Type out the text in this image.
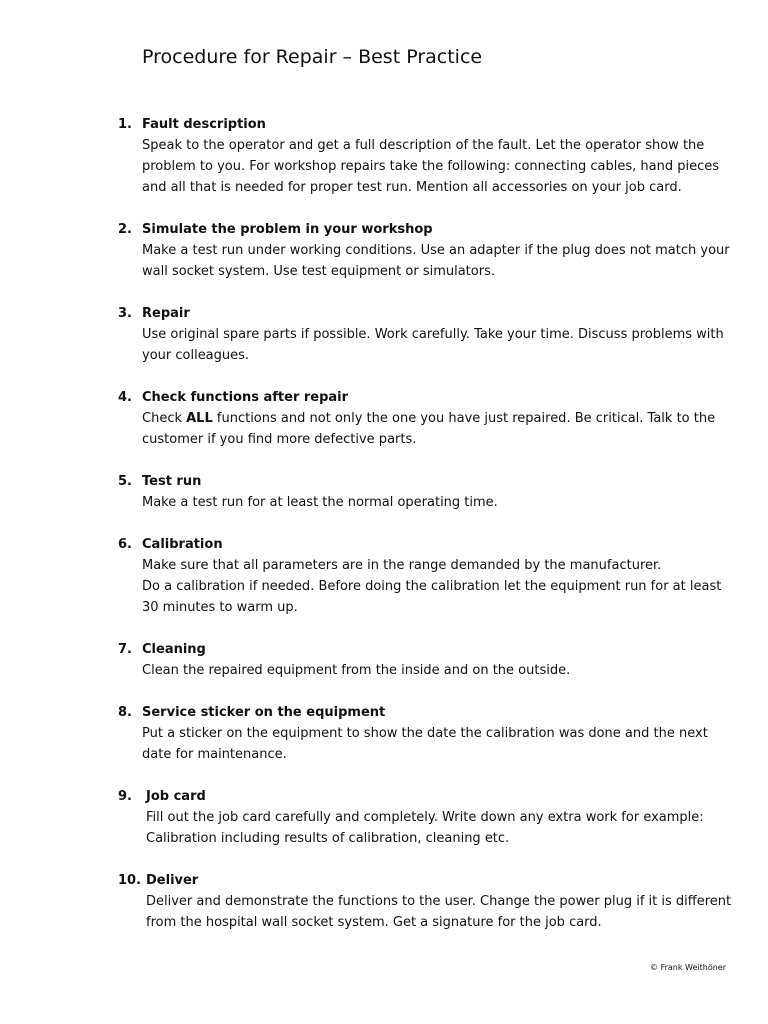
Procedure for Repair – Best Practice
1. Fault description

Speak to the operator and get a full description of the fault. Let the operator show the problem to you. For workshop repairs take the following: connecting cables, hand pieces and all that is needed for proper test run. Mention all accessories on your job card.

2. Simulate the problem in your workshop

Make a test run under working conditions. Use an adapter if the plug does not match your wall socket system. Use test equipment or simulators.

3. Repair

Use original spare parts if possible. Work carefully. Take your time. Discuss problems with your colleagues.

4. Check functions after repair

Check ALL functions and not only the one you have just repaired. Be critical. Talk to the customer if you find more defective parts.

5. Test run

Make a test run for at least the normal operating time.

6. Calibration

Make sure that all parameters are in the range demanded by the manufacturer.

Do a calibration if needed. Before doing the calibration let the equipment run for at least 30 minutes to warm up.

7. Cleaning

Clean the repaired equipment from the inside and on the outside.

8. Service sticker on the equipment

Put a sticker on the equipment to show the date the calibration was done and the next date for maintenance.

9. Job card

Fill out the job card carefully and completely. Write down any extra work for example: Calibration including results of calibration, cleaning etc.

10. Deliver

Deliver and demonstrate the functions to the user. Change the power plug if it is different from the hospital wall socket system. Get a signature for the job card.

© Frank Weithöner
